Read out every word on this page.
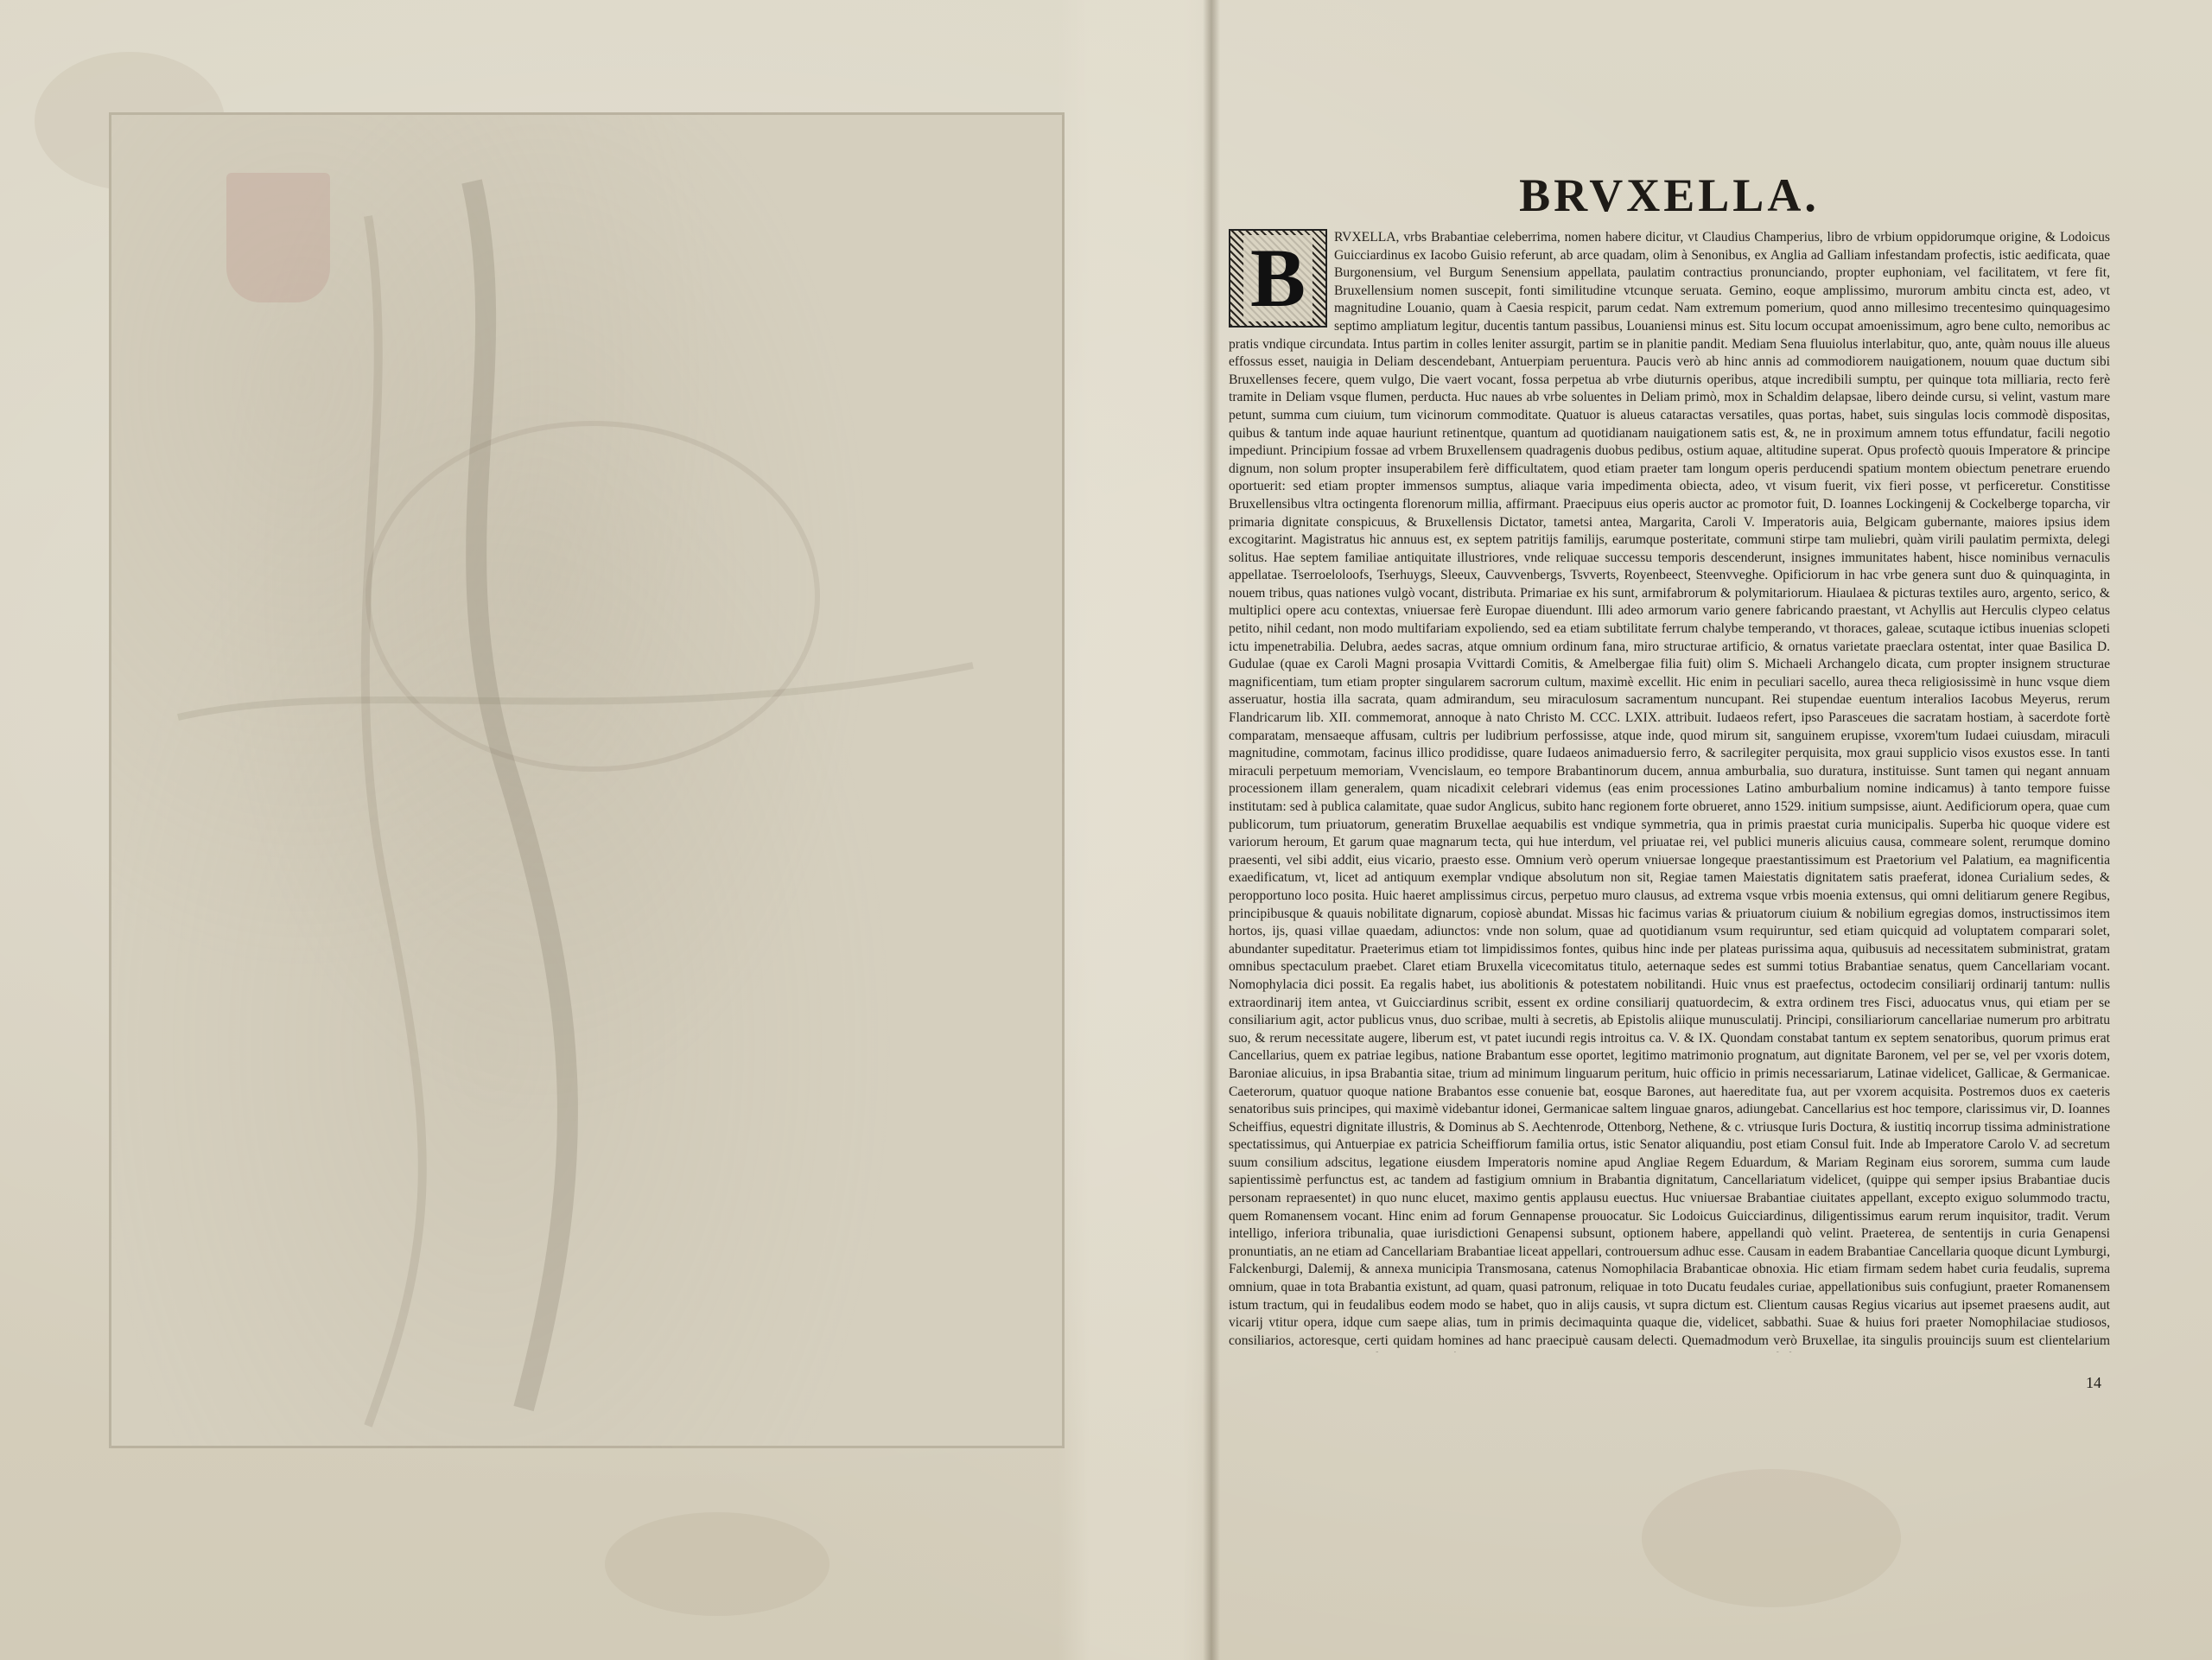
BRVXELLA.
B	RVXELLA, vrbs Brabantiae celeberrima, nomen habere dicitur, vt Claudius Champerius, libro de vrbium oppidorumque origine, & Lodoicus Guicciardinus ex Iacobo Guisio referunt, ab arce quadam, olim à Senonibus, ex Anglia ad Galliam infestandam profectis, istic aedificata, quae Burgonensium, vel Burgum Senensium appellata, paulatim contractius pronunciando, propter euphoniam, vel facilitatem, vt fere fit, Bruxellensium nomen suscepit, fonti similitudine vtcunque seruata. Gemino, eoque amplissimo, murorum ambitu cincta est, adeo, vt magnitudine Louanio, quam à Caesia respicit, parum cedat. Nam extremum pomerium, quod anno millesimo trecentesimo quinquagesimo septimo ampliatum legitur, ducentis tantum passibus, Louaniensi minus est. Situ locum occupat amoenissimum, agro bene culto, nemoribus ac pratis vndique circundata. Intus partim in colles leniter assurgit, partim se in planitie pandit. Mediam Sena fluuiolus interlabitur, quo, ante, quàm nouus ille alueus effossus esset, nauigia in Deliam descendebant, Antuerpiam peruentura. Paucis verò ab hinc annis ad commodiorem nauigationem, nouum quae ductum sibi Bruxellenses fecere, quem vulgo, Die vaert vocant, fossa perpetua ab vrbe diuturnis operibus, atque incredibili sumptu, per quinque tota milliaria, recto ferè tramite in Deliam vsque flumen, perducta. Huc naues ab vrbe soluentes in Deliam primò, mox in Schaldim delapsae, libero deinde cursu, si velint, vastum mare petunt, summa cum ciuium, tum vicinorum commoditate. Quatuor is alueus cataractas versatiles, quas portas, habet, suis singulas locis commodè dispositas, quibus & tantum inde aquae hauriunt retinentque, quantum ad quotidianam nauigationem satis est, &, ne in proximum amnem totus effundatur, facili negotio impediunt. Principium fossae ad vrbem Bruxellensem quadragenis duobus pedibus, ostium aquae, altitudine superat. Opus profectò quouis Imperatore & principe dignum, non solum propter insuperabilem ferè difficultatem, quod etiam praeter tam longum operis perducendi spatium montem obiectum penetrare eruendo oportuerit: sed etiam propter immensos sumptus, aliaque varia impedimenta obiecta, adeo, vt visum fuerit, vix fieri posse, vt perficeretur. Constitisse Bruxellensibus vltra octingenta florenorum millia, affirmant. Praecipuus eius operis auctor ac promotor fuit, D. Ioannes Lockingenij & Cockelberge toparcha, vir primaria dignitate conspicuus, & Bruxellensis Dictator, tametsi antea, Margarita, Caroli V. Imperatoris auia, Belgicam gubernante, maiores ipsius idem excogitarint. Magistratus hic annuus est, ex septem patritijs familijs, earumque posteritate, communi stirpe tam muliebri, quàm virili paulatim permixta, delegi solitus. Hae septem familiae antiquitate illustriores, vnde reliquae successu temporis descenderunt, insignes immunitates habent, hisce nominibus vernaculis appellatae. Tserroeloloofs, Tserhuygs, Sleeux, Cauvvenbergs, Tsvverts, Royenbeect, Steenvveghe. Opificiorum in hac vrbe genera sunt duo & quinquaginta, in nouem tribus, quas nationes vulgò vocant, distributa. Primariae ex his sunt, armifabrorum & polymitariorum. Hiaulaea & picturas textiles auro, argento, serico, & multiplici opere acu contextas, vniuersae ferè Europae diuendunt. Illi adeo armorum vario genere fabricando praestant, vt Achyllis aut Herculis clypeo celatus petito, nihil cedant, non modo multifariam expoliendo, sed ea etiam subtilitate ferrum chalybe temperando, vt thoraces, galeae, scutaque ictibus inuenias sclopeti ictu impenetrabilia. Delubra, aedes sacras, atque omnium ordinum fana, miro structurae artificio, & ornatus varietate praeclara ostentat, inter quae Basilica D. Gudulae (quae ex Caroli Magni prosapia Vvittardi Comitis, & Amelbergae filia fuit) olim S. Michaeli Archangelo dicata, cum propter insignem structurae magnificentiam, tum etiam propter singularem sacrorum cultum, maximè excellit. Hic enim in peculiari sacello, aurea theca religiosissimè in hunc vsque diem asseruatur, hostia illa sacrata, quam admirandum, seu miraculosum sacramentum nuncupant. Rei stupendae euentum interalios Iacobus Meyerus, rerum Flandricarum lib. XII. commemorat, annoque à nato Christo M. CCC. LXIX. attribuit. Iudaeos refert, ipso Parasceues die sacratam hostiam, à sacerdote fortè comparatam, mensaeque affusam, cultris per ludibrium perfossisse, atque inde, quod mirum sit, sanguinem erupisse, vxorem'tum Iudaei cuiusdam, miraculi magnitudine, commotam, facinus illico prodidisse, quare Iudaeos animaduersio ferro, & sacrilegiter perquisita, mox graui supplicio visos exustos esse. In tanti miraculi perpetuum memoriam, Vvencislaum, eo tempore Brabantinorum ducem, annua amburbalia, suo duratura, instituisse. Sunt tamen qui negant annuam processionem illam generalem, quam nicadixit celebrari videmus (eas enim processiones Latino amburbalium nomine indicamus) à tanto tempore fuisse institutam: sed à publica calamitate, quae sudor Anglicus, subito hanc regionem forte obrueret, anno 1529. initium sumpsisse, aiunt. Aedificiorum opera, quae cum publicorum, tum priuatorum, generatim Bruxellae aequabilis est vndique symmetria, qua in primis praestat curia municipalis. Superba hic quoque videre est variorum heroum, Et garum quae magnarum tecta, qui hue interdum, vel priuatae rei, vel publici muneris alicuius causa, commeare solent, rerumque domino praesenti, vel sibi addit, eius vicario, praesto esse. Omnium verò operum vniuersae longeque praestantissimum est Praetorium vel Palatium, ea magnificentia exaedificatum, vt, licet ad antiquum exemplar vndique absolutum non sit, Regiae tamen Maiestatis dignitatem satis praeferat, idonea Curialium sedes, & peropportuno loco posita. Huic haeret amplissimus circus, perpetuo muro clausus, ad extrema vsque vrbis moenia extensus, qui omni delitiarum genere Regibus, principibusque & quauis nobilitate dignarum, copiosè abundat. Missas hic facimus varias & priuatorum ciuium & nobilium egregias domos, instructissimos item hortos, ijs, quasi villae quaedam, adiunctos: vnde non solum, quae ad quotidianum vsum requiruntur, sed etiam quicquid ad voluptatem comparari solet, abundanter supeditatur. Praeterimus etiam tot limpidissimos fontes, quibus hinc inde per plateas purissima aqua, quibusuis ad necessitatem subministrat, gratam omnibus spectaculum praebet. Claret etiam Bruxella vicecomitatus titulo, aeternaque sedes est summi totius Brabantiae senatus, quem Cancellariam vocant. Nomophylacia dici possit. Ea regalis habet, ius abolitionis & potestatem nobilitandi. Huic vnus est praefectus, octodecim consiliarij ordinarij tantum: nullis extraordinarij item antea, vt Guicciardinus scribit, essent ex ordine consiliarij quatuordecim, & extra ordinem tres Fisci, aduocatus vnus, qui etiam per se consiliarium agit, actor publicus vnus, duo scribae, multi à secretis, ab Epistolis aliique munusculatij. Principi, consiliariorum cancellariae numerum pro arbitratu suo, & rerum necessitate augere, liberum est, vt patet iucundi regis introitus ca. V. & IX. Quondam constabat tantum ex septem senatoribus, quorum primus erat Cancellarius, quem ex patriae legibus, natione Brabantum esse oportet, legitimo matrimonio prognatum, aut dignitate Baronem, vel per se, vel per vxoris dotem, Baroniae alicuius, in ipsa Brabantia sitae, trium ad minimum linguarum peritum, huic officio in primis necessariarum, Latinae videlicet, Gallicae, & Germanicae. Caeterorum, quatuor quoque natione Brabantos esse conuenie bat, eosque Barones, aut haereditate fua, aut per vxorem acquisita. Postremos duos ex caeteris senatoribus suis principes, qui maximè videbantur idonei, Germanicae saltem linguae gnaros, adiungebat. Cancellarius est hoc tempore, clarissimus vir, D. Ioannes Scheiffius, equestri dignitate illustris, & Dominus ab S. Aechtenrode, Ottenborg, Nethene, & c. vtriusque Iuris Doctura, & iustitiq incorrup tissima administratione spectatissimus, qui Antuerpiae ex patricia Scheiffiorum familia ortus, istic Senator aliquandiu, post etiam Consul fuit. Inde ab Imperatore Carolo V. ad secretum suum consilium adscitus, legatione eiusdem Imperatoris nomine apud Angliae Regem Eduardum, & Mariam Reginam eius sororem, summa cum laude sapientissimè perfunctus est, ac tandem ad fastigium omnium in Brabantia dignitatum, Cancellariatum videlicet, (quippe qui semper ipsius Brabantiae ducis personam repraesentet) in quo nunc elucet, maximo gentis applausu euectus. Huc vniuersae Brabantiae ciuitates appellant, excepto exiguo solummodo tractu, quem Romanensem vocant. Hinc enim ad forum Gennapense prouocatur. Sic Lodoicus Guicciardinus, diligentissimus earum rerum inquisitor, tradit. Verum intelligo, inferiora tribunalia, quae iurisdictioni Genapensi subsunt, optionem habere, appellandi quò velint. Praeterea, de sententijs in curia Genapensi pronuntiatis, an ne etiam ad Cancellariam Brabantiae liceat appellari, controuersum adhuc esse. Causam in eadem Brabantiae Cancellaria quoque dicunt Lymburgi, Falckenburgi, Dalemij, & annexa municipia Transmosana, catenus Nomophilacia Brabanticae obnoxia. Hic etiam firmam sedem habet curia feudalis, suprema omnium, quae in tota Brabantia existunt, ad quam, quasi patronum, reliquae in toto Ducatu feudales curiae, appellationibus suis confugiunt, praeter Romanensem istum tractum, qui in feudalibus eodem modo se habet, quo in alijs causis, vt supra dictum est. Clientum causas Regius vicarius aut ipsemet praesens audit, aut vicarij vtitur opera, idque cum saepe alias, tum in primis decimaquinta quaque die, videlicet, sabbathi. Suae & huius fori praeter Nomophilaciae studiosos, consiliarios, actoresque, certi quidam homines ad hanc praecipuè causam delecti. Quemadmodum verò Bruxellae, ita singulis prouincijs suum est clientelarium
14
